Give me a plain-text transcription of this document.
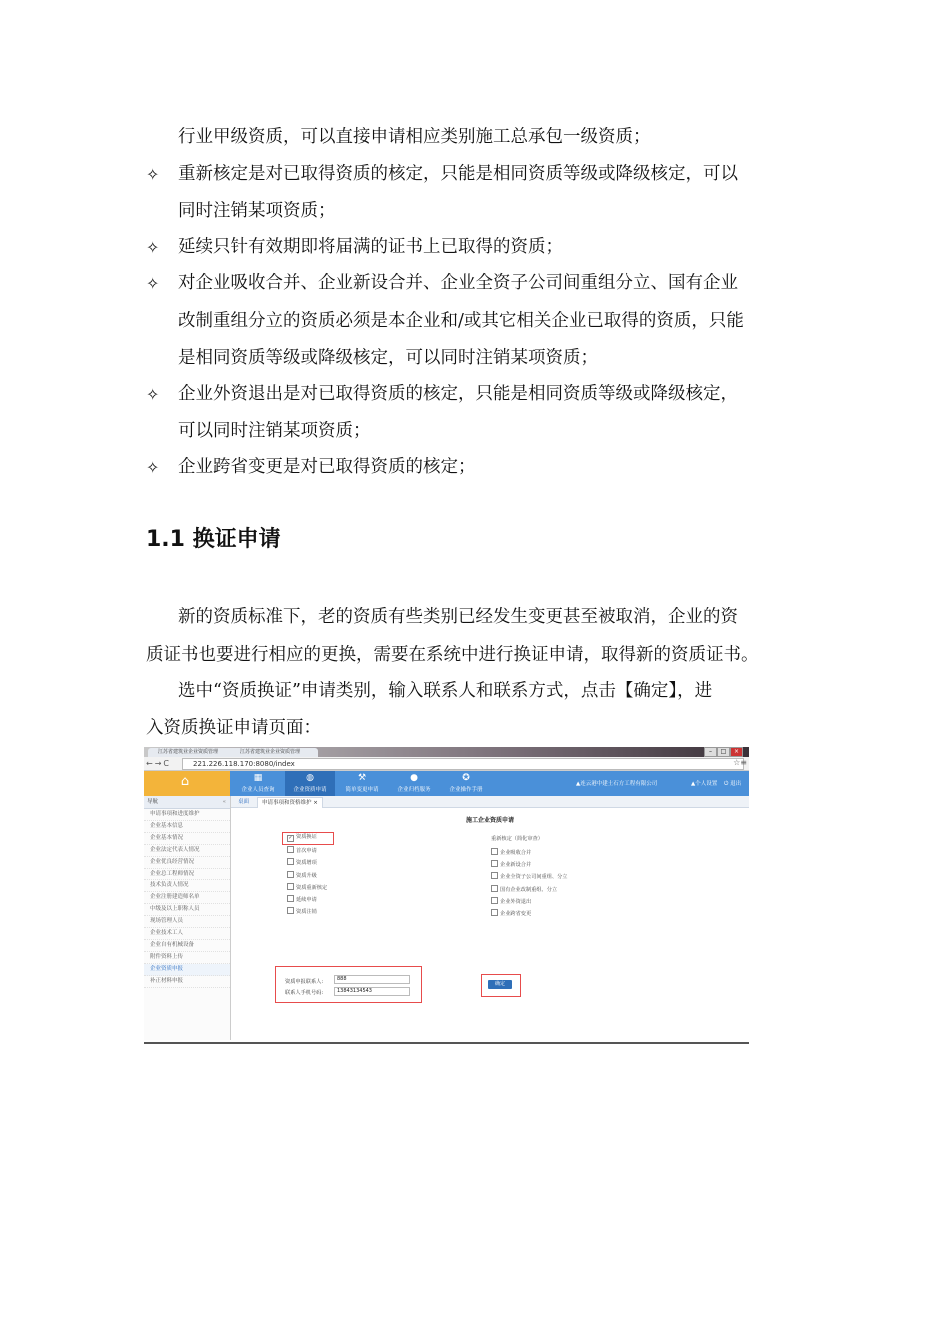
行业甲级资质，可以直接申请相应类别施工总承包一级资质；
✧ 重新核定是对已取得资质的核定，只能是相同资质等级或降级核定，可以
同时注销某项资质；
✧ 延续只针有效期即将届满的证书上已取得的资质；
✧ 对企业吸收合并、企业新设合并、企业全资子公司间重组分立、国有企业
改制重组分立的资质必须是本企业和/或其它相关企业已取得的资质，只能
是相同资质等级或降级核定，可以同时注销某项资质；
✧ 企业外资退出是对已取得资质的核定，只能是相同资质等级或降级核定，
可以同时注销某项资质；
✧ 企业跨省变更是对已取得资质的核定；
1.1 换证申请
新的资质标准下，老的资质有些类别已经发生变更甚至被取消，企业的资
质证书也要进行相应的更换，需要在系统中进行换证申请，取得新的资质证书。
选中“资质换证”申请类别，输入联系人和联系方式，点击【确定】，进
入资质换证申请页面：
江苏省建筑业企业资质管理	江苏省建筑业企业资质管理	–	□	×
←→C	221.226.118.170:8080/index	☆≡
⌂	▦
企业人员查询
◍
企业资质申请
⚒
简单变更申请
●
企业归档服务
✪
企业操作手册
▲连云港中建土石方工程有限公司	▲个人设置 ⏻ 退出
导航	«
申请事项和进度维护
企业基本信息
企业基本情况
企业法定代表人情况
企业优良经营情况
企业总工程师情况
技术负责人情况
企业注册建造师名单
中级及以上职称人员
现场管理人员
企业技术工人
企业自有机械设备
附件资料上传
企业资质申报
补正材料申报
桌面	申请事项和资格维护 ×
施工企业资质申请
✓ 资质换证
首次申请
资质增项
资质升级
资质重新核定
延续申请
资质注销
重新核定（简化审查）
企业吸收合并
企业新设合并
企业全资子公司间重组、分立
国有企业改制重组、分立
企业外资退出
企业跨省变更
资质申报联系人:	888
联系人手机号码:	13843134543
确定
